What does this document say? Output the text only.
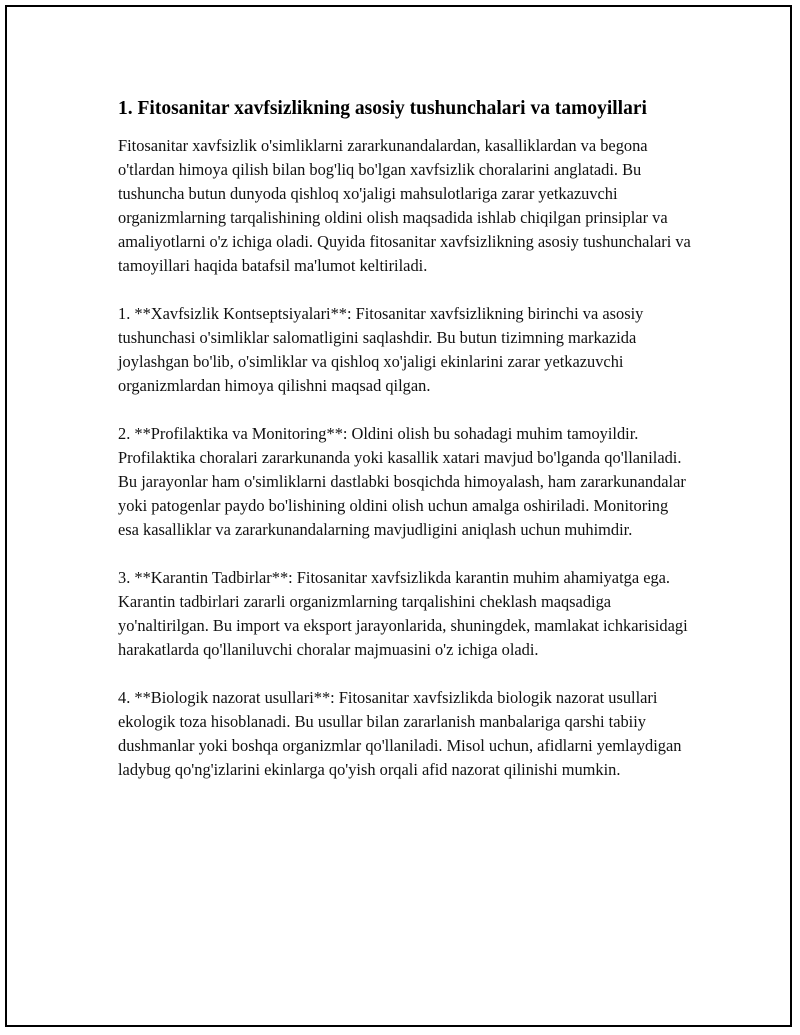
1. Fitosanitar xavfsizlikning asosiy tushunchalari va tamoyillari

Fitosanitar xavfsizlik o'simliklarni zararkunandalardan, kasalliklardan va begona o'tlardan himoya qilish bilan bog'liq bo'lgan xavfsizlik choralarini anglatadi. Bu tushuncha butun dunyoda qishloq xo'jaligi mahsulotlariga zarar yetkazuvchi organizmlarning tarqalishining oldini olish maqsadida ishlab chiqilgan prinsiplar va amaliyotlarni o'z ichiga oladi. Quyida fitosanitar xavfsizlikning asosiy tushunchalari va tamoyillari haqida batafsil ma'lumot keltiriladi.

1. **Xavfsizlik Kontseptsiyalari**: Fitosanitar xavfsizlikning birinchi va asosiy tushunchasi o'simliklar salomatligini saqlashdir. Bu butun tizimning markazida joylashgan bo'lib, o'simliklar va qishloq xo'jaligi ekinlarini zarar yetkazuvchi organizmlardan himoya qilishni maqsad qilgan.

2. **Profilaktika va Monitoring**: Oldini olish bu sohadagi muhim tamoyildir. Profilaktika choralari zararkunanda yoki kasallik xatari mavjud bo'lganda qo'llaniladi. Bu jarayonlar ham o'simliklarni dastlabki bosqichda himoyalash, ham zararkunandalar yoki patogenlar paydo bo'lishining oldini olish uchun amalga oshiriladi. Monitoring esa kasalliklar va zararkunandalarning mavjudligini aniqlash uchun muhimdir.

3. **Karantin Tadbirlar**: Fitosanitar xavfsizlikda karantin muhim ahamiyatga ega. Karantin tadbirlari zararli organizmlarning tarqalishini cheklash maqsadiga yo'naltirilgan. Bu import va eksport jarayonlarida, shuningdek, mamlakat ichkarisidagi harakatlarda qo'llaniluvchi choralar majmuasini o'z ichiga oladi.

4. **Biologik nazorat usullari**: Fitosanitar xavfsizlikda biologik nazorat usullari ekologik toza hisoblanadi. Bu usullar bilan zararlanish manbalariga qarshi tabiiy dushmanlar yoki boshqa organizmlar qo'llaniladi. Misol uchun, afidlarni yemlaydigan ladybug qo'ng'izlarini ekinlarga qo'yish orqali afid nazorat qilinishi mumkin.
